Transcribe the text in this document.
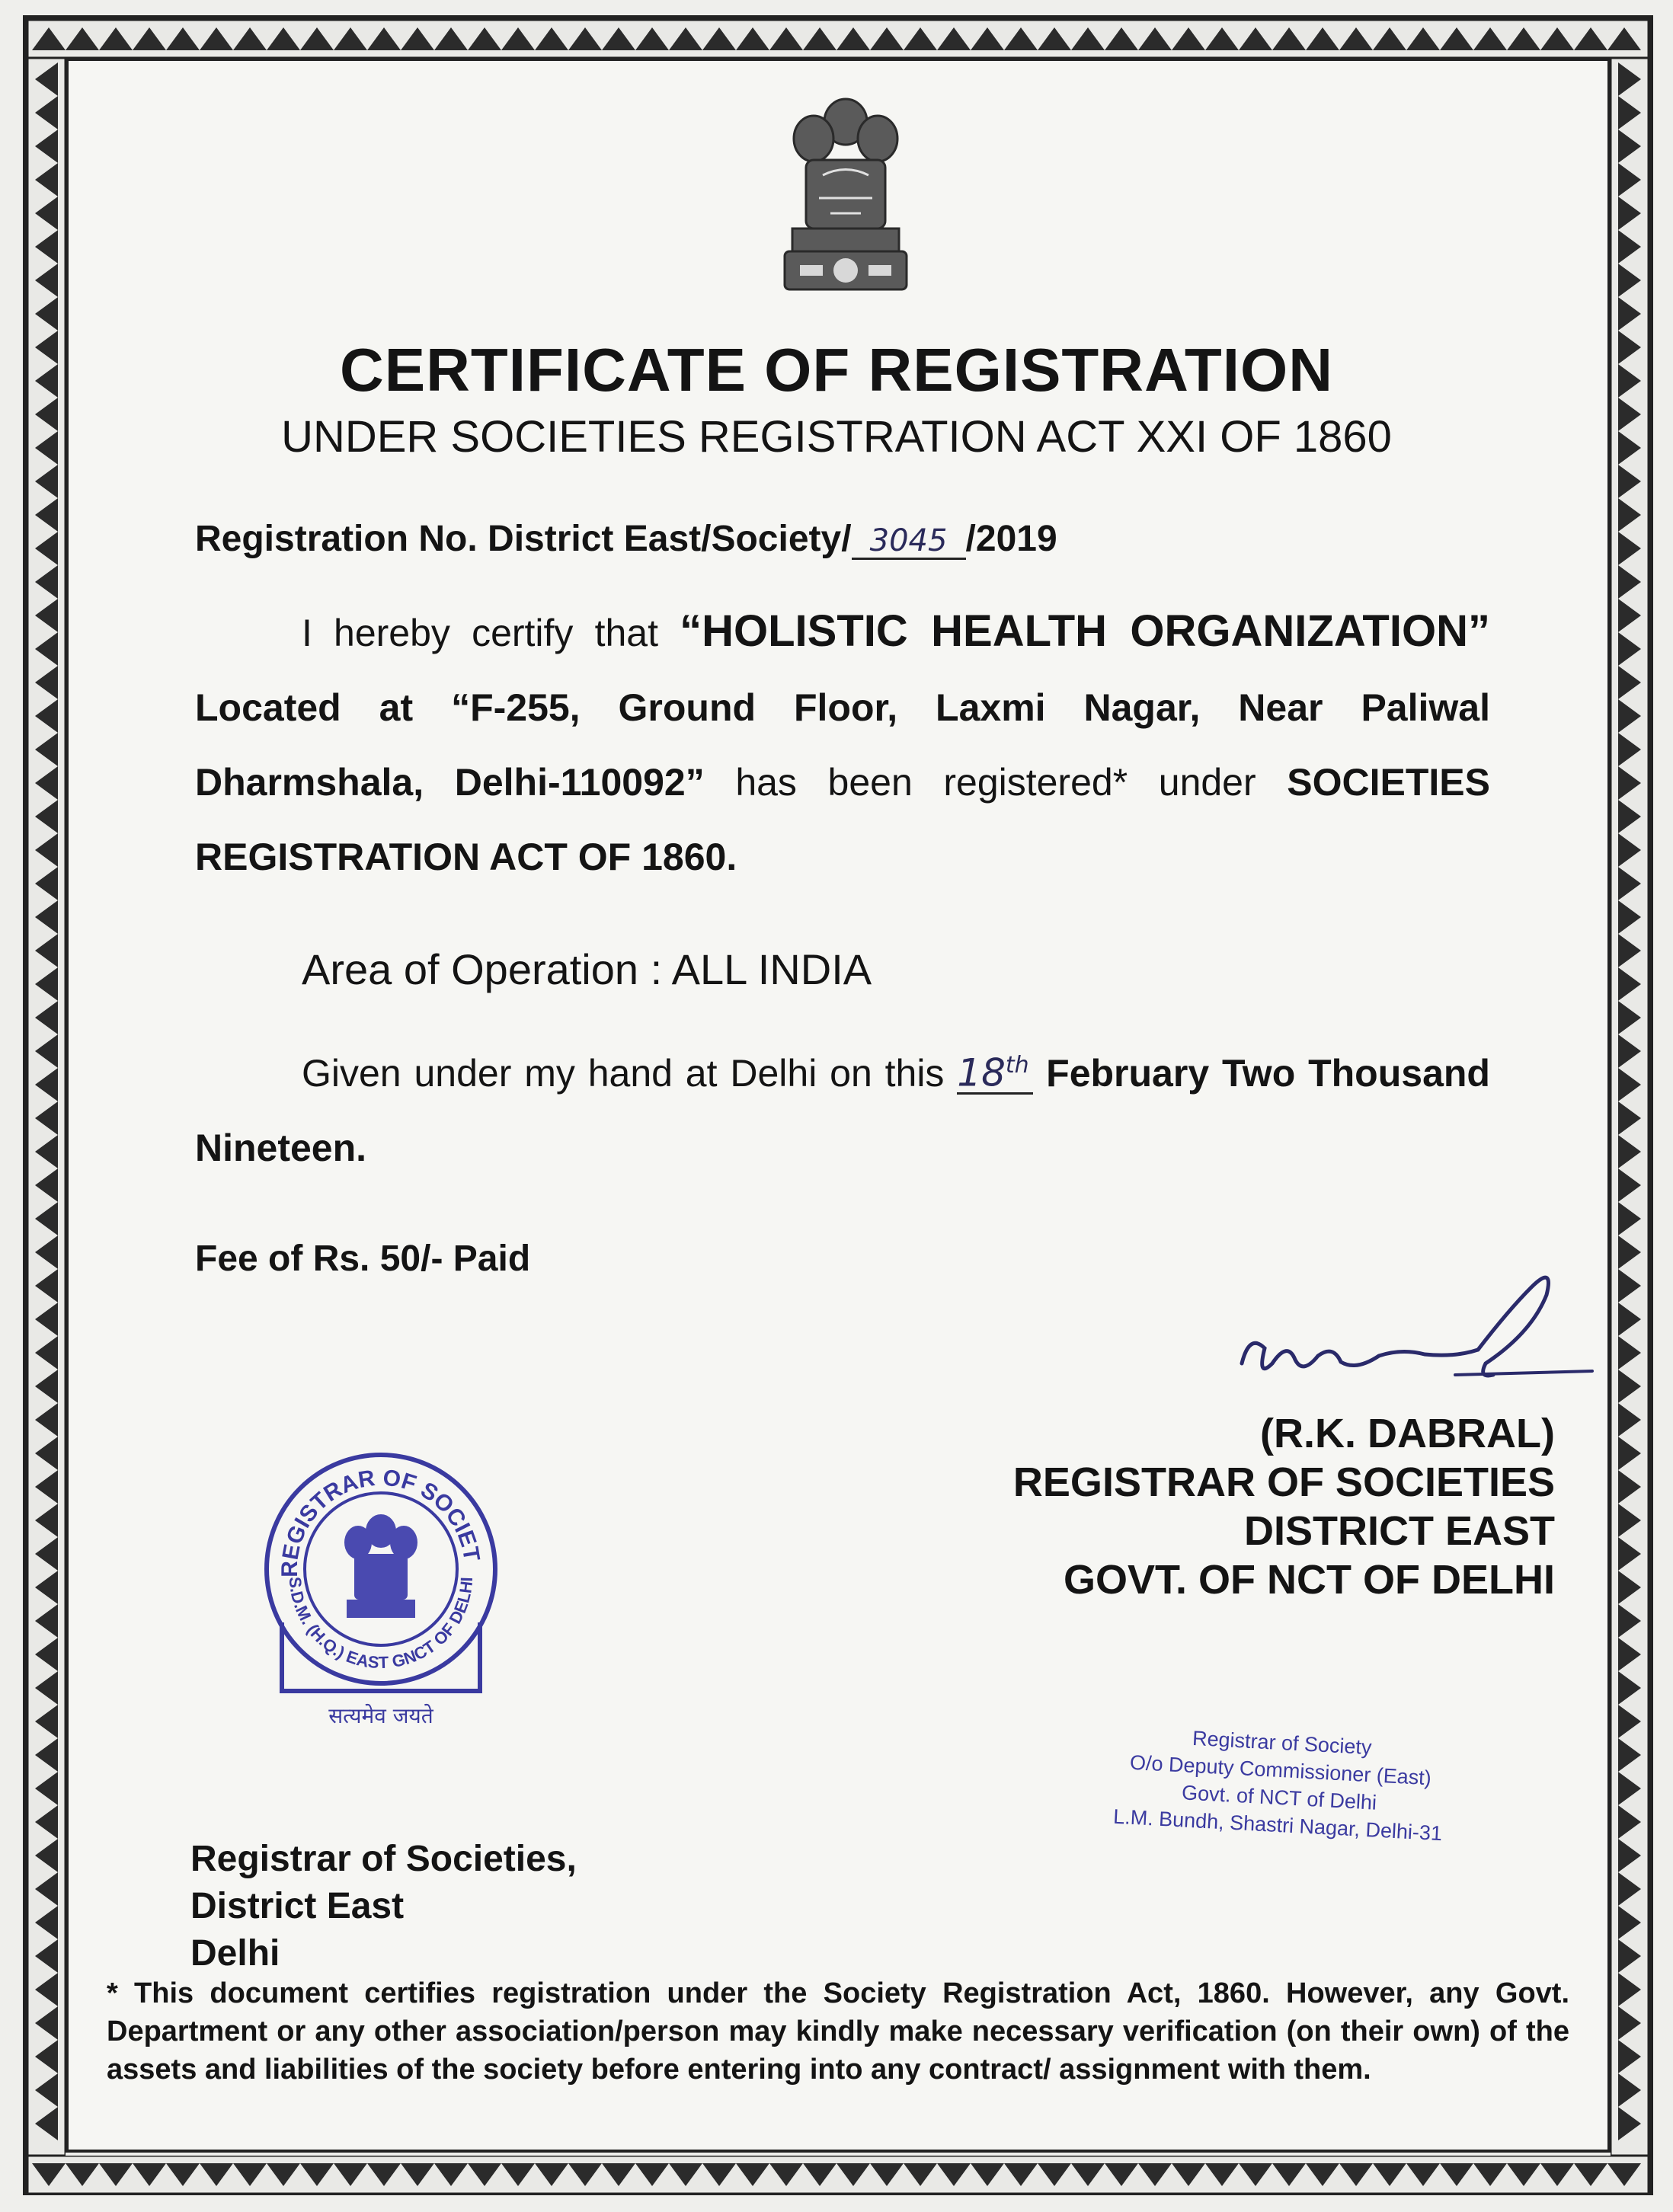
CERTIFICATE OF REGISTRATION
UNDER SOCIETIES REGISTRATION ACT XXI OF 1860
Registration No. District East/Society/ 3045 /2019
I hereby certify that “HOLISTIC HEALTH ORGANIZATION” Located at “F-255, Ground Floor, Laxmi Nagar, Near Paliwal Dharmshala, Delhi-110092” has been registered* under SOCIETIES REGISTRATION ACT OF 1860.
Area of Operation : ALL INDIA
Given under my hand at Delhi on this 18th February Two Thousand Nineteen.
Fee of Rs. 50/- Paid
(R.K. DABRAL)
REGISTRAR OF SOCIETIES
DISTRICT EAST
GOVT. OF NCT OF DELHI
REGISTRAR OF SOCIET
S.D.M. (H.Q.) EAST GNCT OF DELHI
सत्यमेव जयते
Registrar of Society
O/o Deputy Commissioner (East)
Govt. of NCT of Delhi
L.M. Bundh, Shastri Nagar, Delhi-31
Registrar of Societies,
District East
Delhi
* This document certifies registration under the Society Registration Act, 1860. However, any Govt. Department or any other association/person may kindly make necessary verification (on their own) of the assets and liabilities of the society before entering into any contract/ assignment with them.
